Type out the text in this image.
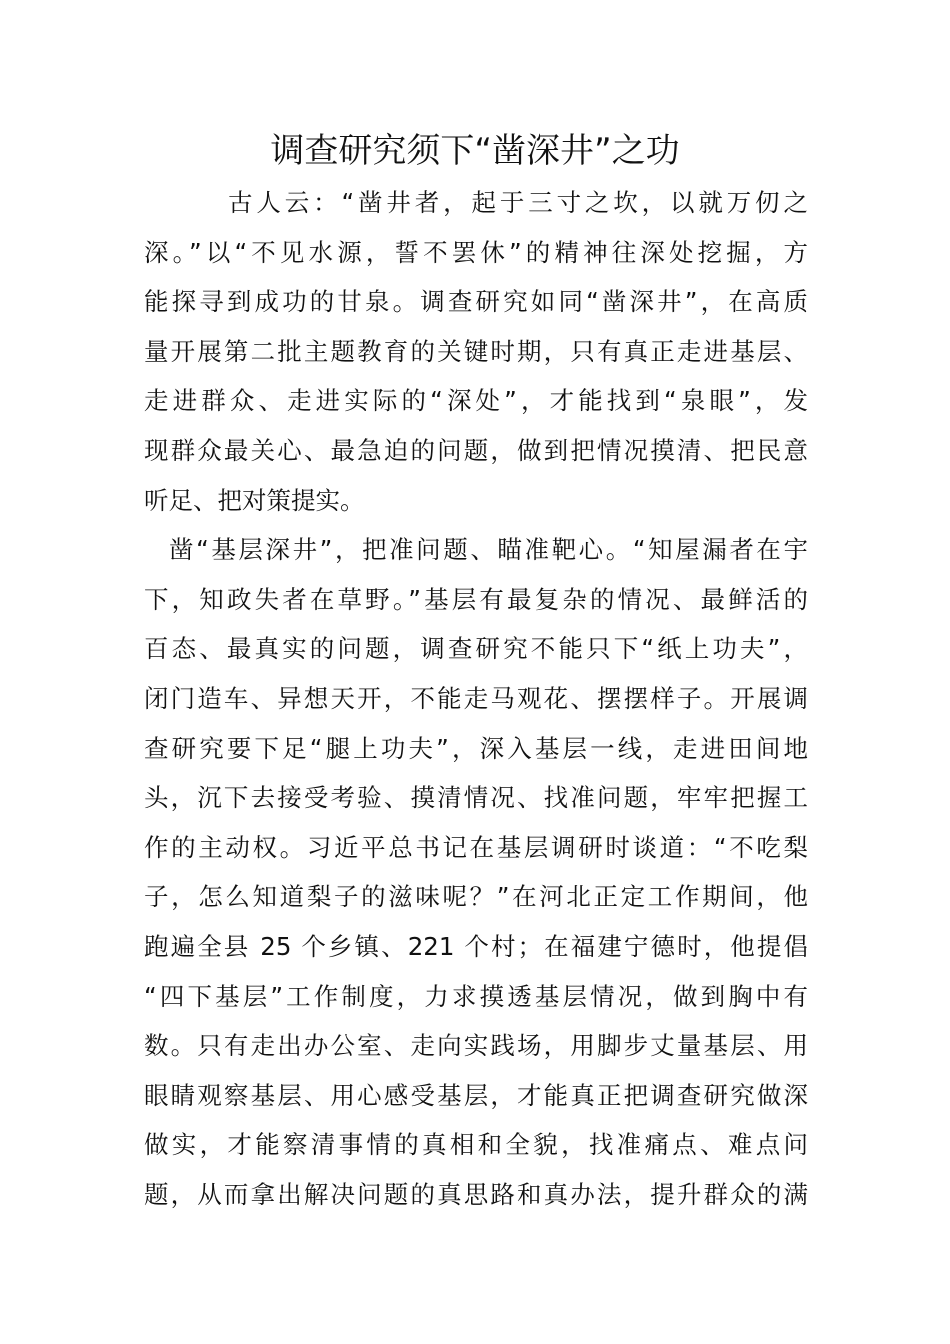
调查研究须下“凿深井”之功
古人云：“凿井者，起于三寸之坎，以就万仞之
深。”以“不见水源，誓不罢休”的精神往深处挖掘，方
能探寻到成功的甘泉。调查研究如同“凿深井”，在高质
量开展第二批主题教育的关键时期，只有真正走进基层、
走进群众、走进实际的“深处”，才能找到“泉眼”，发
现群众最关心、最急迫的问题，做到把情况摸清、把民意
听足、把对策提实。
凿“基层深井”，把准问题、瞄准靶心。“知屋漏者在宇
下，知政失者在草野。”基层有最复杂的情况、最鲜活的
百态、最真实的问题，调查研究不能只下“纸上功夫”，
闭门造车、异想天开，不能走马观花、摆摆样子。开展调
查研究要下足“腿上功夫”，深入基层一线，走进田间地
头，沉下去接受考验、摸清情况、找准问题，牢牢把握工
作的主动权。习近平总书记在基层调研时谈道：“不吃梨
子，怎么知道梨子的滋味呢？”在河北正定工作期间，他
跑遍全县 25 个乡镇、221 个村；在福建宁德时，他提倡
“四下基层”工作制度，力求摸透基层情况，做到胸中有
数。只有走出办公室、走向实践场，用脚步丈量基层、用
眼睛观察基层、用心感受基层，才能真正把调查研究做深
做实，才能察清事情的真相和全貌，找准痛点、难点问
题，从而拿出解决问题的真思路和真办法，提升群众的满
